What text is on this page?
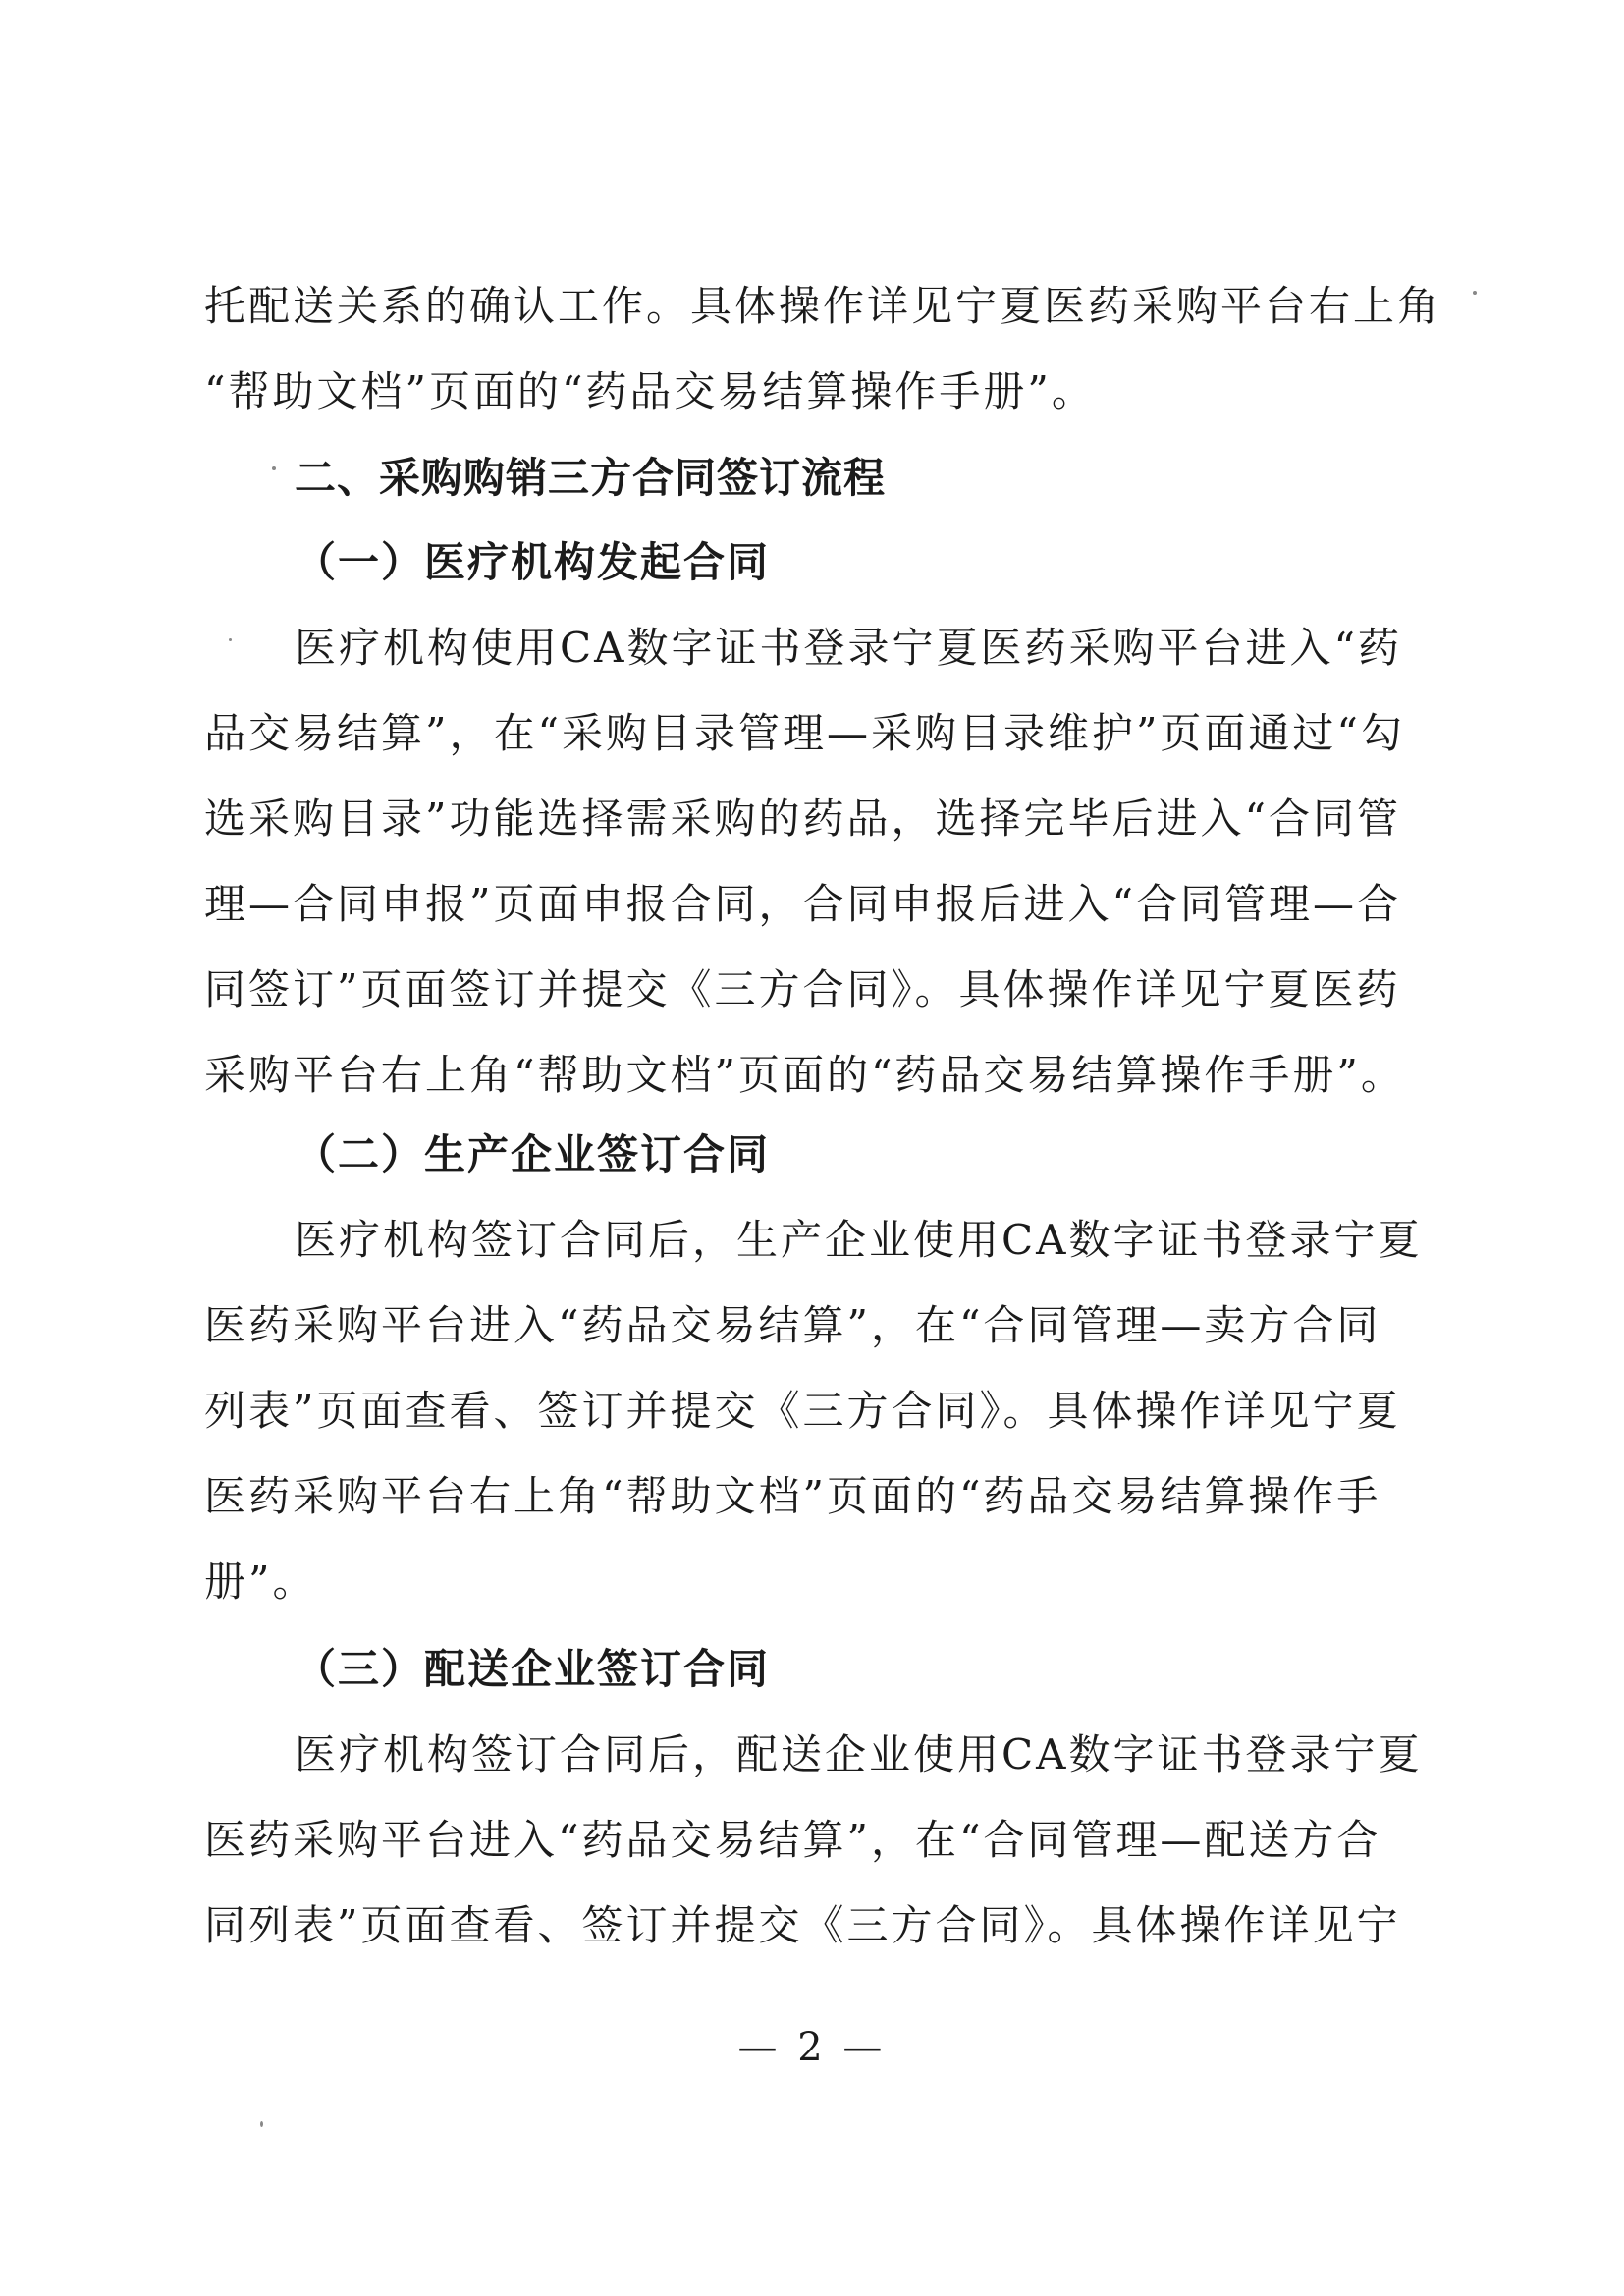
托配送关系的确认工作。具体操作详见宁夏医药采购平台右上角
“帮助文档”页面的“药品交易结算操作手册”。
二、采购购销三方合同签订流程
（一）医疗机构发起合同
医疗机构使用CA数字证书登录宁夏医药采购平台进入“药
品交易结算”，在“采购目录管理—采购目录维护”页面通过“勾
选采购目录”功能选择需采购的药品，选择完毕后进入“合同管
理—合同申报”页面申报合同，合同申报后进入“合同管理—合
同签订”页面签订并提交《三方合同》。具体操作详见宁夏医药
采购平台右上角“帮助文档”页面的“药品交易结算操作手册”。
（二）生产企业签订合同
医疗机构签订合同后，生产企业使用CA数字证书登录宁夏
医药采购平台进入“药品交易结算”，在“合同管理—卖方合同
列表”页面查看、签订并提交《三方合同》。具体操作详见宁夏
医药采购平台右上角“帮助文档”页面的“药品交易结算操作手
册”。
（三）配送企业签订合同
医疗机构签订合同后，配送企业使用CA数字证书登录宁夏
医药采购平台进入“药品交易结算”，在“合同管理—配送方合
同列表”页面查看、签订并提交《三方合同》。具体操作详见宁
— 2 —
